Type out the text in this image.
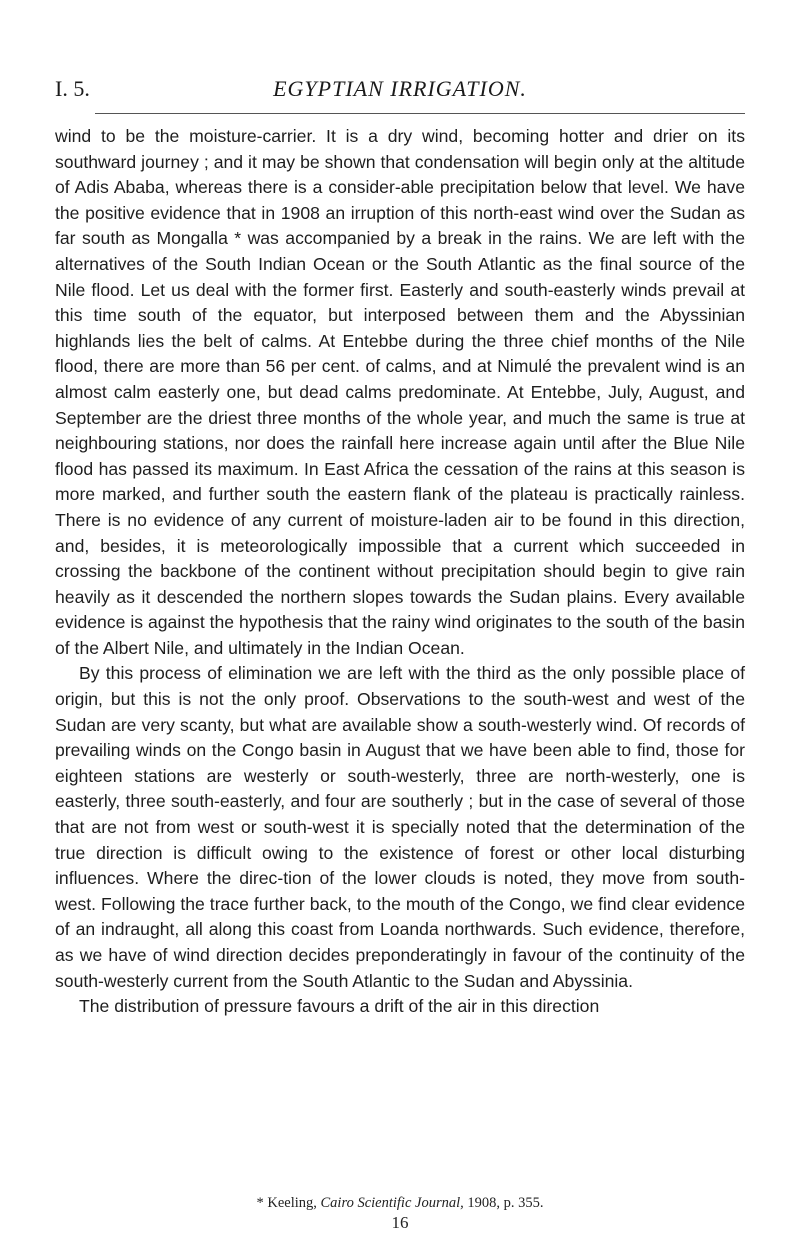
I. 5.	EGYPTIAN IRRIGATION.

wind to be the moisture-carrier. It is a dry wind, becoming hotter and drier on its southward journey ; and it may be shown that condensation will begin only at the altitude of Adis Ababa, whereas there is a consider-able precipitation below that level. We have the positive evidence that in 1908 an irruption of this north-east wind over the Sudan as far south as Mongalla * was accompanied by a break in the rains. We are left with the alternatives of the South Indian Ocean or the South Atlantic as the final source of the Nile flood. Let us deal with the former first. Easterly and south-easterly winds prevail at this time south of the equator, but interposed between them and the Abyssinian highlands lies the belt of calms. At Entebbe during the three chief months of the Nile flood, there are more than 56 per cent. of calms, and at Nimulé the prevalent wind is an almost calm easterly one, but dead calms predominate. At Entebbe, July, August, and September are the driest three months of the whole year, and much the same is true at neighbouring stations, nor does the rainfall here increase again until after the Blue Nile flood has passed its maximum. In East Africa the cessation of the rains at this season is more marked, and further south the eastern flank of the plateau is practically rainless. There is no evidence of any current of moisture-laden air to be found in this direction, and, besides, it is meteorologically impossible that a current which succeeded in crossing the backbone of the continent without precipitation should begin to give rain heavily as it descended the northern slopes towards the Sudan plains. Every available evidence is against the hypothesis that the rainy wind originates to the south of the basin of the Albert Nile, and ultimately in the Indian Ocean.

By this process of elimination we are left with the third as the only possible place of origin, but this is not the only proof. Observations to the south-west and west of the Sudan are very scanty, but what are available show a south-westerly wind. Of records of prevailing winds on the Congo basin in August that we have been able to find, those for eighteen stations are westerly or south-westerly, three are north-westerly, one is easterly, three south-easterly, and four are southerly ; but in the case of several of those that are not from west or south-west it is specially noted that the determination of the true direction is difficult owing to the existence of forest or other local disturbing influences. Where the direc-tion of the lower clouds is noted, they move from south-west. Following the trace further back, to the mouth of the Congo, we find clear evidence of an indraught, all along this coast from Loanda northwards. Such evidence, therefore, as we have of wind direction decides preponderatingly in favour of the continuity of the south-westerly current from the South Atlantic to the Sudan and Abyssinia.

The distribution of pressure favours a drift of the air in this direction

* Keeling, Cairo Scientific Journal, 1908, p. 355.
16
